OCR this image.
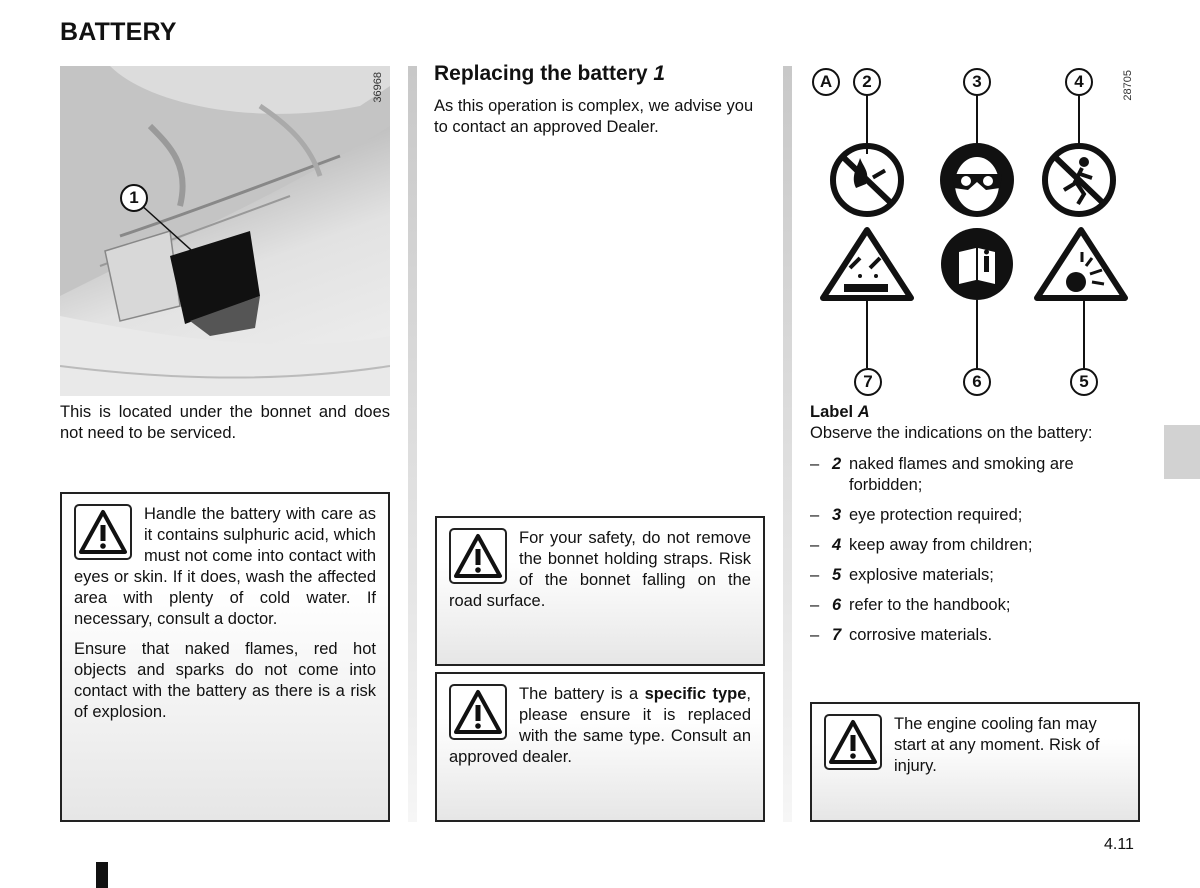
BATTERY
36968
1

This is located under the bonnet and does not need to be serviced.

Handle the battery with care as it contains sulphuric acid, which must not come into contact with eyes or skin. If it does, wash the affected area with plenty of cold water. If necessary, consult a doctor.

Ensure that naked flames, red hot objects and sparks do not come into contact with the battery as there is a risk of explosion.

Replacing the battery 1

As this operation is complex, we advise you to contact an approved Dealer.

For your safety, do not remove the bonnet holding straps. Risk of the bonnet falling on the road surface.

The battery is a specific type, please ensure it is replaced with the same type. Consult an approved dealer.

A	2	3	4
7	6	5
28705

Label A

Observe the indications on the battery:

– 2 naked flames and smoking are forbidden;
– 3 eye protection required;
– 4 keep away from children;
– 5 explosive materials;
– 6 refer to the handbook;
– 7 corrosive materials.

The engine cooling fan may start at any moment. Risk of injury.

4.11
